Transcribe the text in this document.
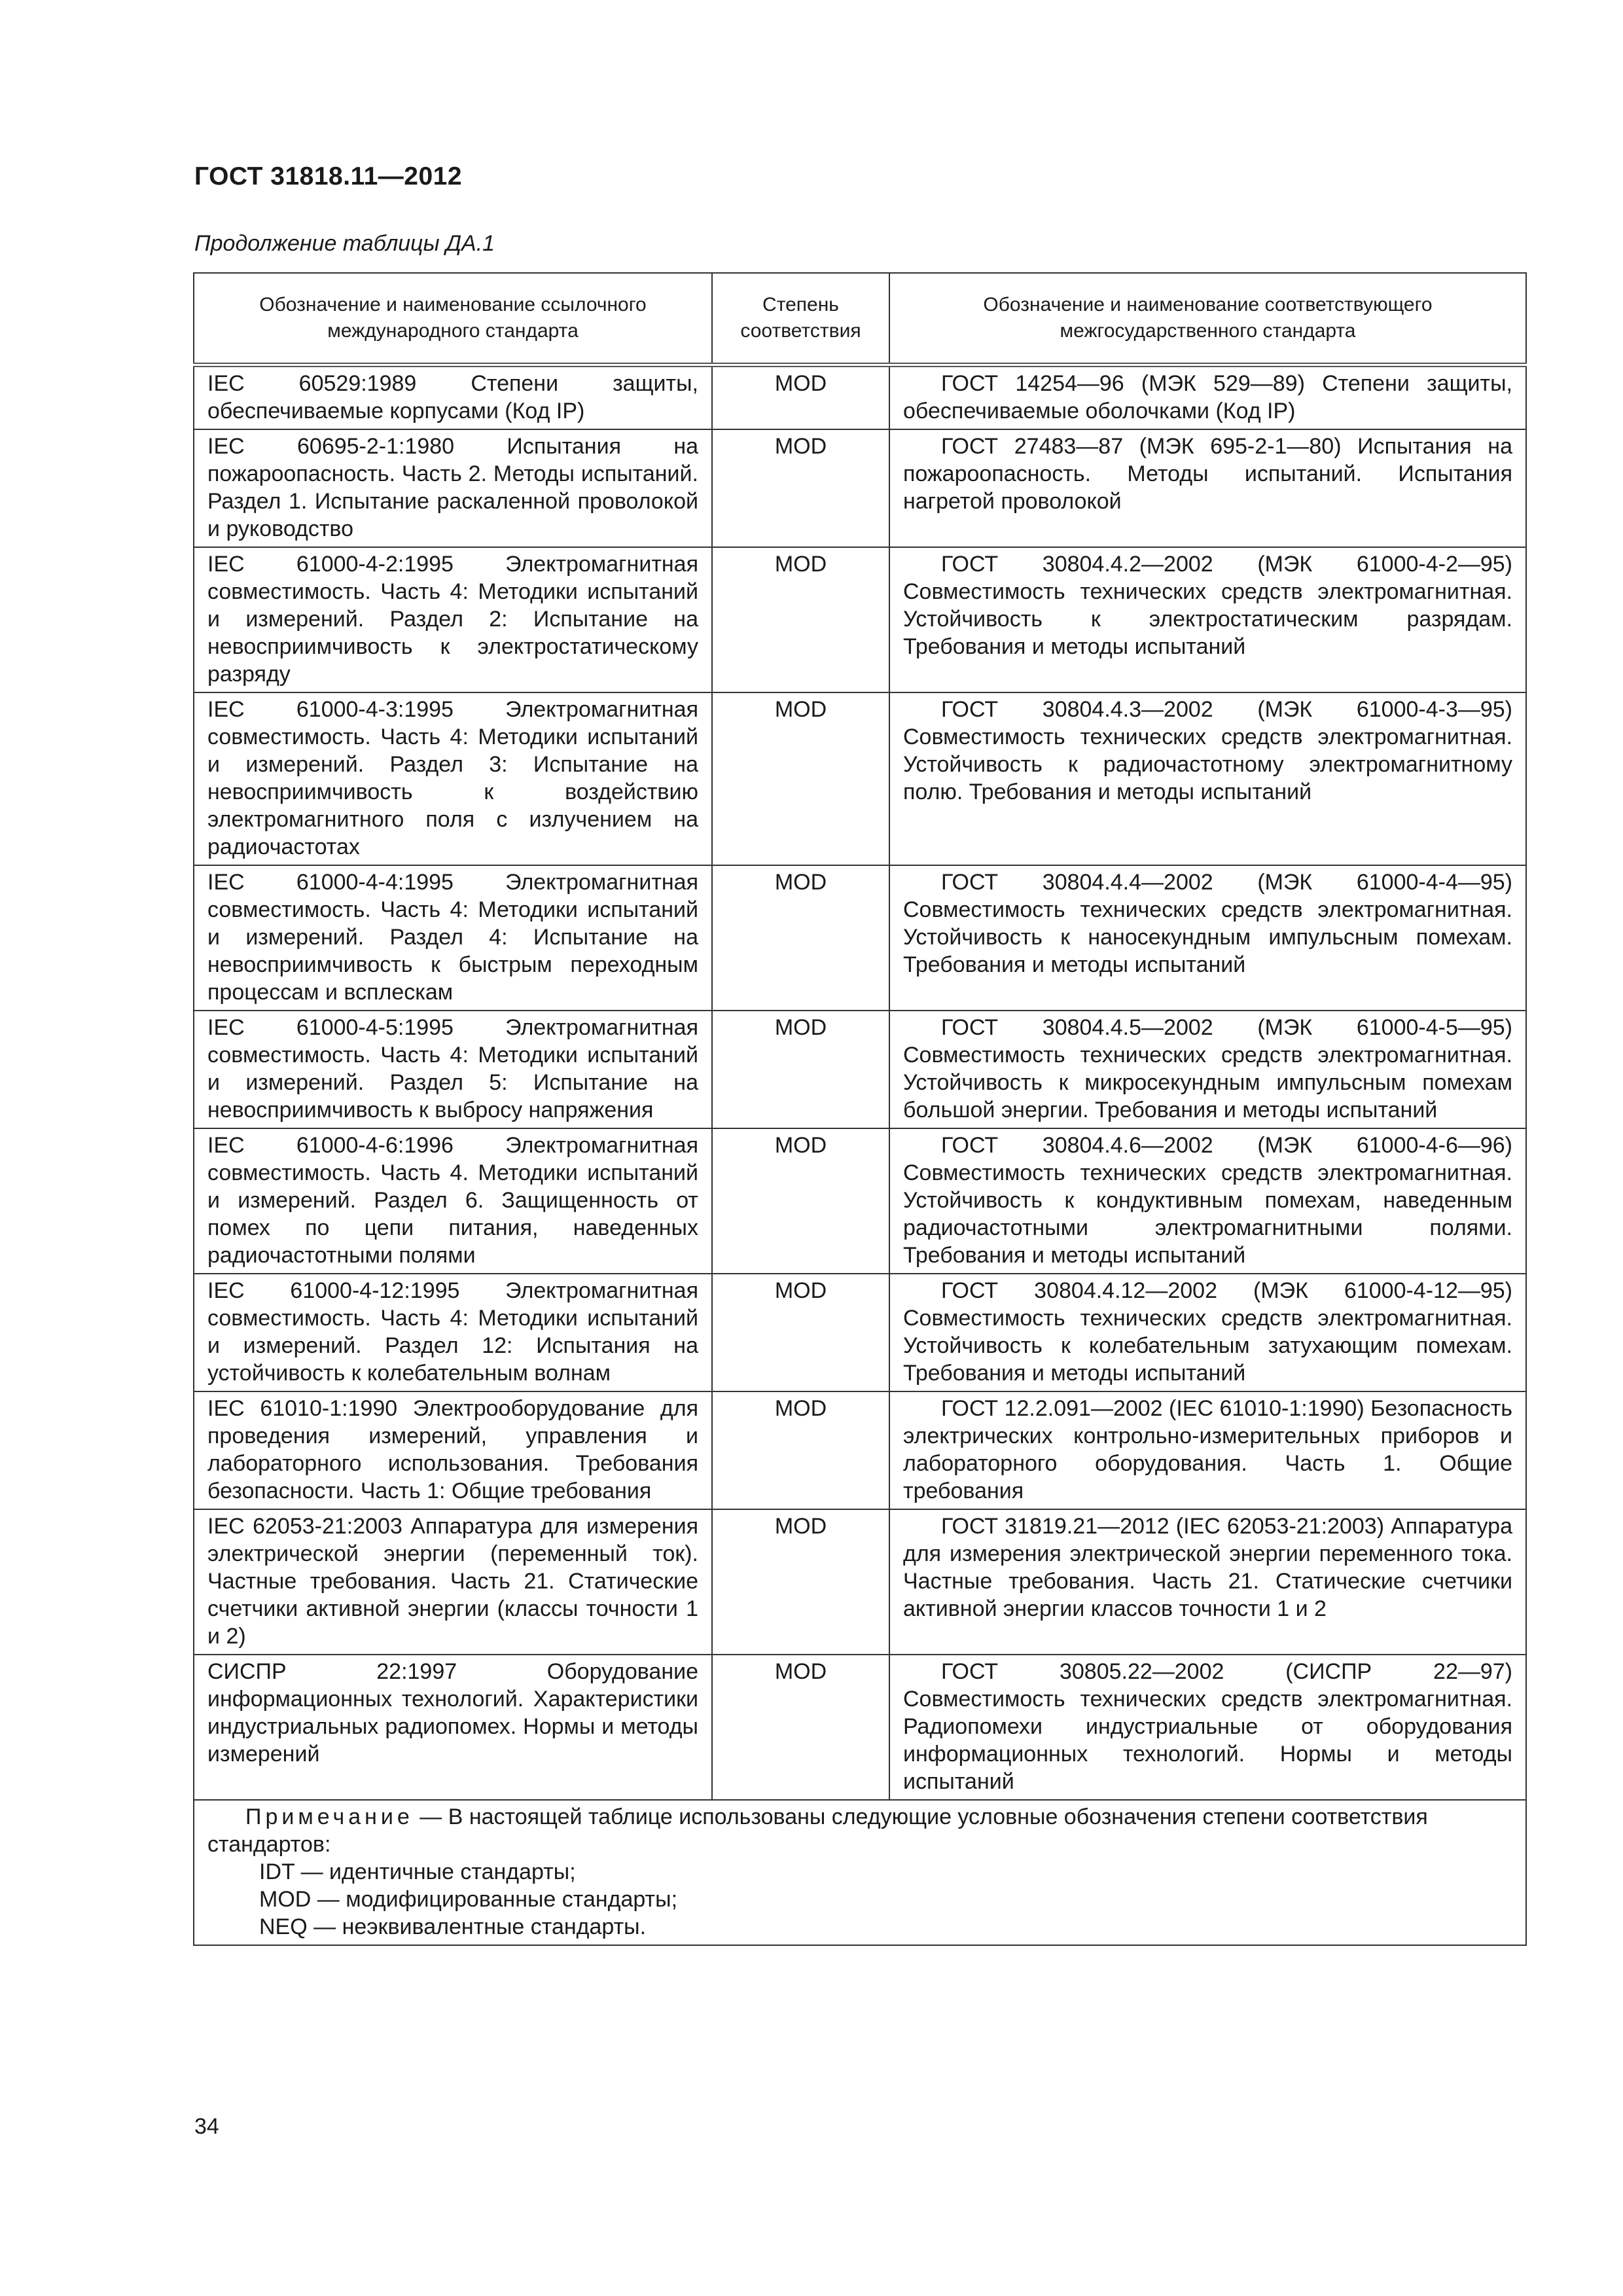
ГОСТ 31818.11—2012
Продолжение таблицы ДА.1
Обозначение и наименование ссылочного международного стандарта	Степень соответствия	Обозначение и наименование соответствующего межгосударственного стандарта
IEC 60529:1989 Степени защиты, обеспечиваемые корпусами (Код IP)	MOD	ГОСТ 14254—96 (МЭК 529—89) Степени защиты, обеспечиваемые оболочками (Код IP)
IEC 60695-2-1:1980 Испытания на пожароопасность. Часть 2. Методы испытаний. Раздел 1. Испытание раскаленной проволокой и руководство	MOD	ГОСТ 27483—87 (МЭК 695-2-1—80) Испытания на пожароопасность. Методы испытаний. Испытания нагретой проволокой
IEC 61000-4-2:1995 Электромагнитная совместимость. Часть 4: Методики испытаний и измерений. Раздел 2: Испытание на невосприимчивость к электростатическому разряду	MOD	ГОСТ 30804.4.2—2002 (МЭК 61000-4-2—95) Совместимость технических средств электромагнитная. Устойчивость к электростатическим разрядам. Требования и методы испытаний
IEC 61000-4-3:1995 Электромагнитная совместимость. Часть 4: Методики испытаний и измерений. Раздел 3: Испытание на невосприимчивость к воздействию электромагнитного поля с излучением на радиочастотах	MOD	ГОСТ 30804.4.3—2002 (МЭК 61000-4-3—95) Совместимость технических средств электромагнитная. Устойчивость к радиочастотному электромагнитному полю. Требования и методы испытаний
IEC 61000-4-4:1995 Электромагнитная совместимость. Часть 4: Методики испытаний и измерений. Раздел 4: Испытание на невосприимчивость к быстрым переходным процессам и всплескам	MOD	ГОСТ 30804.4.4—2002 (МЭК 61000-4-4—95) Совместимость технических средств электромагнитная. Устойчивость к наносекундным импульсным помехам. Требования и методы испытаний
IEC 61000-4-5:1995 Электромагнитная совместимость. Часть 4: Методики испытаний и измерений. Раздел 5: Испытание на невосприимчивость к выбросу напряжения	MOD	ГОСТ 30804.4.5—2002 (МЭК 61000-4-5—95) Совместимость технических средств электромагнитная. Устойчивость к микросекундным импульсным помехам большой энергии. Требования и методы испытаний
IEC 61000-4-6:1996 Электромагнитная совместимость. Часть 4. Методики испытаний и измерений. Раздел 6. Защищенность от помех по цепи питания, наведенных радиочастотными полями	MOD	ГОСТ 30804.4.6—2002 (МЭК 61000-4-6—96) Совместимость технических средств электромагнитная. Устойчивость к кондуктивным помехам, наведенным радиочастотными электромагнитными полями. Требования и методы испытаний
IEC 61000-4-12:1995 Электромагнитная совместимость. Часть 4: Методики испытаний и измерений. Раздел 12: Испытания на устойчивость к колебательным волнам	MOD	ГОСТ 30804.4.12—2002 (МЭК 61000-4-12—95) Совместимость технических средств электромагнитная. Устойчивость к колебательным затухающим помехам. Требования и методы испытаний
IEC 61010-1:1990 Электрооборудование для проведения измерений, управления и лабораторного использования. Требования безопасности. Часть 1: Общие требования	MOD	ГОСТ 12.2.091—2002 (IEC 61010-1:1990) Безопасность электрических контрольно-измерительных приборов и лабораторного оборудования. Часть 1. Общие требования
IEC 62053-21:2003 Аппаратура для измерения электрической энергии (переменный ток). Частные требования. Часть 21. Статические счетчики активной энергии (классы точности 1 и 2)	MOD	ГОСТ 31819.21—2012 (IEC 62053-21:2003) Аппаратура для измерения электрической энергии переменного тока. Частные требования. Часть 21. Статические счетчики активной энергии классов точности 1 и 2
СИСПР 22:1997 Оборудование информационных технологий. Характеристики индустриальных радиопомех. Нормы и методы измерений	MOD	ГОСТ 30805.22—2002 (СИСПР 22—97) Совместимость технических средств электромагнитная. Радиопомехи индустриальные от оборудования информационных технологий. Нормы и методы испытаний

Примечание — В настоящей таблице использованы следующие условные обозначения степени соответствия стандартов:
IDT — идентичные стандарты;
MOD — модифицированные стандарты;
NEQ — неэквивалентные стандарты.		
34
